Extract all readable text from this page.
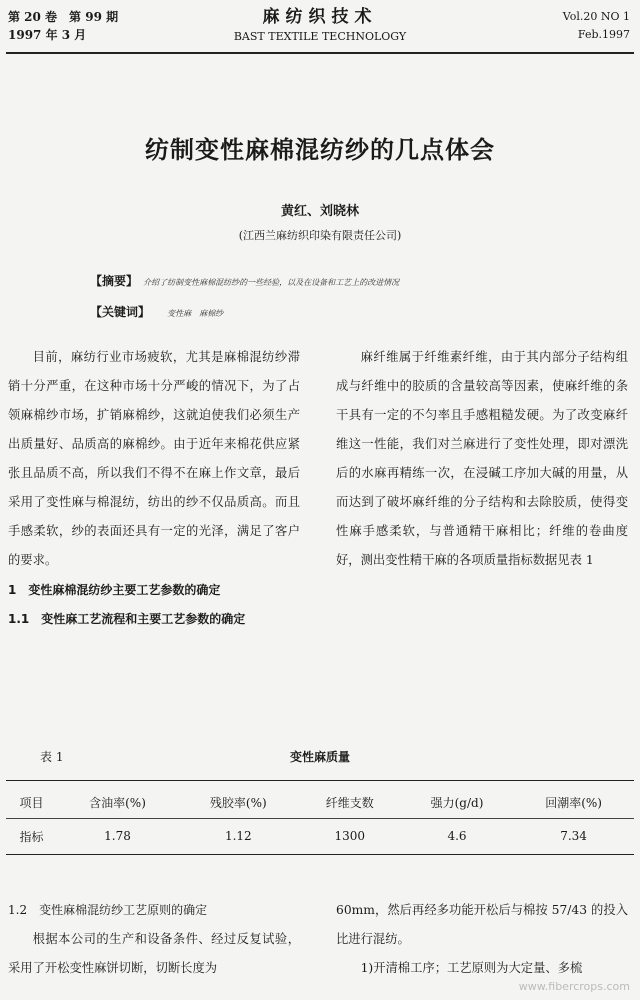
第 20 卷　第 99 期
1997 年 3 月
麻纺织技术
BAST TEXTILE TECHNOLOGY
Vol.20 NO 1
Feb.1997
纺制变性麻棉混纺纱的几点体会
黄红、刘晓林
(江西兰麻纺织印染有限责任公司)
【摘要】 介绍了纺制变性麻棉混纺纱的一些经验，以及在设备和工艺上的改进情况
【关键词】 变性麻　麻棉纱

目前，麻纺行业市场疲软，尤其是麻棉混纺纱滞销十分严重，在这种市场十分严峻的情况下，为了占领麻棉纱市场，扩销麻棉纱，这就迫使我们必须生产出质量好、品质高的麻棉纱。由于近年来棉花供应紧张且品质不高，所以我们不得不在麻上作文章，最后采用了变性麻与棉混纺，纺出的纱不仅品质高。而且手感柔软，纱的表面还具有一定的光泽，满足了客户的要求。

1　变性麻棉混纺纱主要工艺参数的确定
1.1　变性麻工艺流程和主要工艺参数的确定

麻纤维属于纤维素纤维，由于其内部分子结构组成与纤维中的胶质的含量较高等因素，使麻纤维的条干具有一定的不匀率且手感粗糙发硬。为了改变麻纤维这一性能，我们对兰麻进行了变性处理，即对漂洗后的水麻再精练一次，在浸碱工序加大碱的用量，从而达到了破坏麻纤维的分子结构和去除胶质，使得变性麻手感柔软，与普通精干麻相比；纤维的卷曲度好，测出变性精干麻的各项质量指标数据见表 1

表 1	变性麻质量
项目	含油率(%)	残胶率(%)	纤维支数	强力(g/d)	回潮率(%)
指标	1.78	1.12	1300	4.6	7.34
1.2　变性麻棉混纺纱工艺原则的确定

根据本公司的生产和设备条件、经过反复试验，采用了开松变性麻饼切断，切断长度为

60mm，然后再经多功能开松后与棉按 57/43 的投入比进行混纺。
1)开清棉工序；工艺原则为大定量、多梳
www.fibercrops.com
